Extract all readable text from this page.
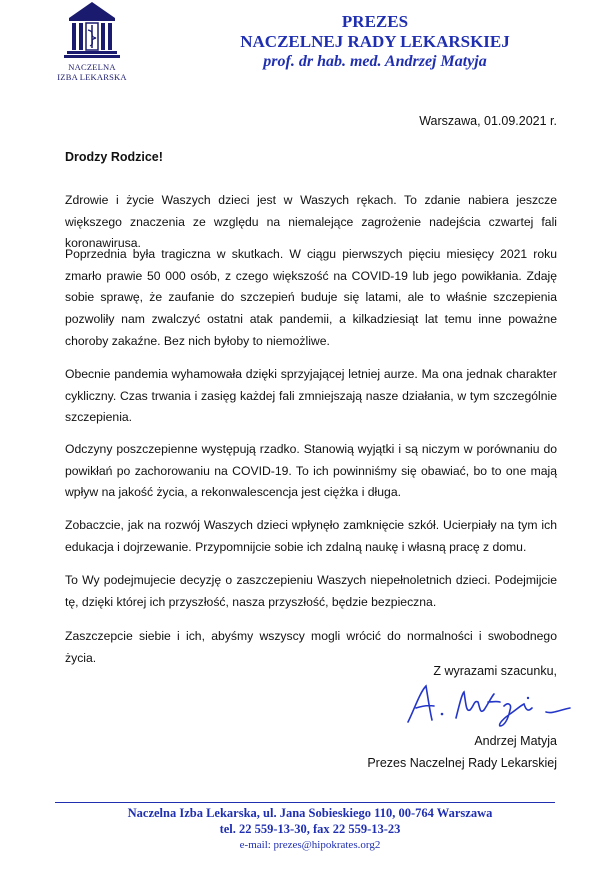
NACZELNA
IZBA LEKARSKA
PREZES
NACZELNEJ RADY LEKARSKIEJ
prof. dr hab. med. Andrzej Matyja
Warszawa, 01.09.2021 r.
Drodzy Rodzice!
Zdrowie i życie Waszych dzieci jest w Waszych rękach. To zdanie nabiera jeszcze większego znaczenia ze względu na niemalejące zagrożenie nadejścia czwartej fali koronawirusa.
Poprzednia była tragiczna w skutkach. W ciągu pierwszych pięciu miesięcy 2021 roku zmarło prawie 50 000 osób, z czego większość na COVID-19 lub jego powikłania. Zdaję sobie sprawę, że zaufanie do szczepień buduje się latami, ale to właśnie szczepienia pozwoliły nam zwalczyć ostatni atak pandemii, a kilkadziesiąt lat temu inne poważne choroby zakaźne. Bez nich byłoby to niemożliwe.
Obecnie pandemia wyhamowała dzięki sprzyjającej letniej aurze. Ma ona jednak charakter cykliczny. Czas trwania i zasięg każdej fali zmniejszają nasze działania, w tym szczególnie szczepienia.
Odczyny poszczepienne występują rzadko. Stanowią wyjątki i są niczym w porównaniu do powikłań po zachorowaniu na COVID-19. To ich powinniśmy się obawiać, bo to one mają wpływ na jakość życia, a rekonwalescencja jest ciężka i długa.
Zobaczcie, jak na rozwój Waszych dzieci wpłynęło zamknięcie szkół. Ucierpiały na tym ich edukacja i dojrzewanie. Przypomnijcie sobie ich zdalną naukę i własną pracę z domu.
To Wy podejmujecie decyzję o zaszczepieniu Waszych niepełnoletnich dzieci. Podejmijcie tę, dzięki której ich przyszłość, nasza przyszłość, będzie bezpieczna.
Zaszczepcie siebie i ich, abyśmy wszyscy mogli wrócić do normalności i swobodnego życia.
Z wyrazami szacunku,
Andrzej Matyja
Prezes Naczelnej Rady Lekarskiej
Naczelna Izba Lekarska, ul. Jana Sobieskiego 110, 00-764 Warszawa
tel. 22 559-13-30, fax 22 559-13-23
e-mail: prezes@hipokrates.org2
